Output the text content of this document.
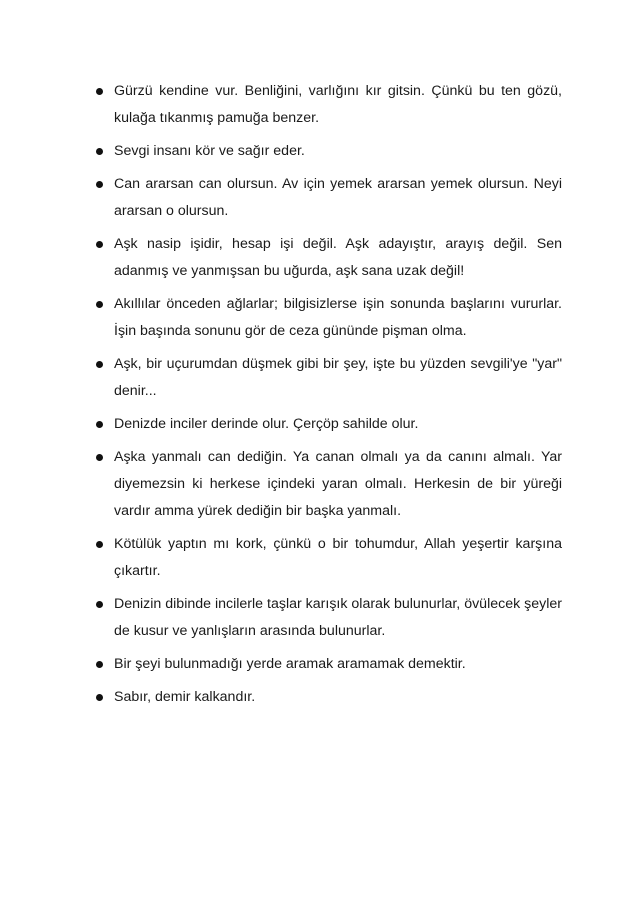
Gürzü kendine vur. Benliğini, varlığını kır gitsin. Çünkü bu ten gözü, kulağa tıkanmış pamuğa benzer.
Sevgi insanı kör ve sağır eder.
Can ararsan can olursun. Av için yemek ararsan yemek olursun. Neyi ararsan o olursun.
Aşk nasip işidir, hesap işi değil. Aşk adayıştır, arayış değil. Sen adanmış ve yanmışsan bu uğurda, aşk sana uzak değil!
Akıllılar önceden ağlarlar; bilgisizlerse işin sonunda başlarını vururlar. İşin başında sonunu gör de ceza gününde pişman olma.
Aşk, bir uçurumdan düşmek gibi bir şey, işte bu yüzden sevgili'ye "yar" denir...
Denizde inciler derinde olur. Çerçöp sahilde olur.
Aşka yanmalı can dediğin. Ya canan olmalı ya da canını almalı. Yar diyemezsin ki herkese içindeki yaran olmalı. Herkesin de bir yüreği vardır amma yürek dediğin bir başka yanmalı.
Kötülük yaptın mı kork, çünkü o bir tohumdur, Allah yeşertir karşına çıkartır.
Denizin dibinde incilerle taşlar karışık olarak bulunurlar, övülecek şeyler de kusur ve yanlışların arasında bulunurlar.
Bir şeyi bulunmadığı yerde aramak aramamak demektir.
Sabır, demir kalkandır.
